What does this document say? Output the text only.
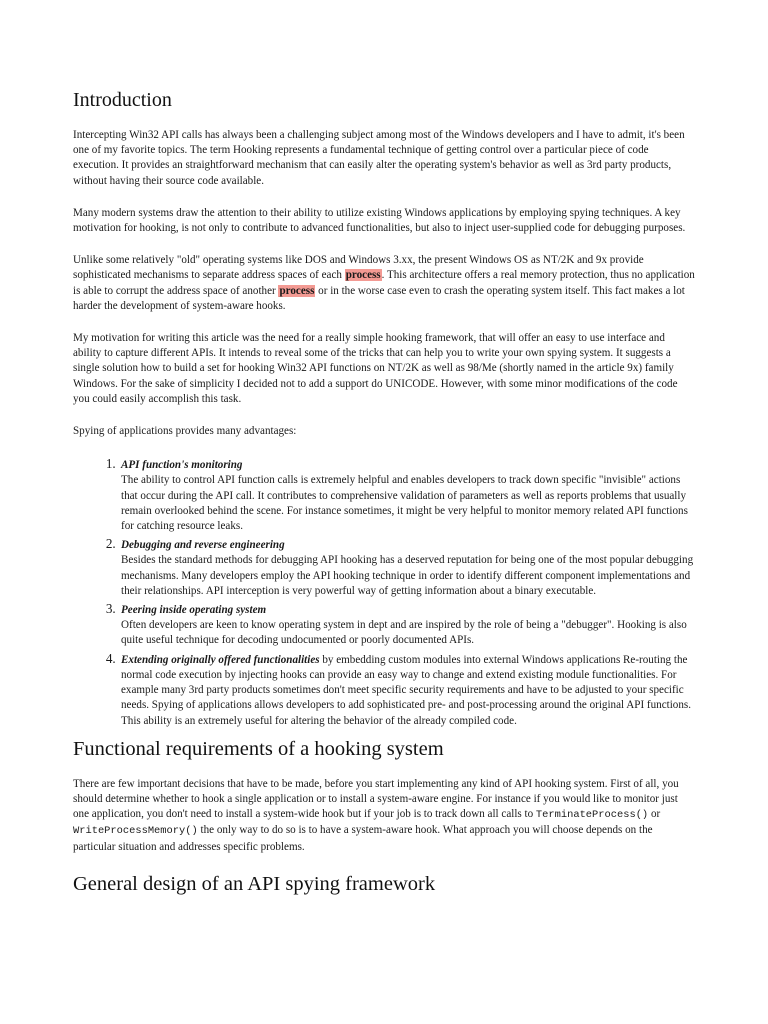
Introduction

Intercepting Win32 API calls has always been a challenging subject among most of the Windows developers and I have to admit, it's been one of my favorite topics. The term Hooking represents a fundamental technique of getting control over a particular piece of code execution. It provides an straightforward mechanism that can easily alter the operating system's behavior as well as 3rd party products, without having their source code available.

Many modern systems draw the attention to their ability to utilize existing Windows applications by employing spying techniques. A key motivation for hooking, is not only to contribute to advanced functionalities, but also to inject user-supplied code for debugging purposes.

Unlike some relatively "old" operating systems like DOS and Windows 3.xx, the present Windows OS as NT/2K and 9x provide sophisticated mechanisms to separate address spaces of each process. This architecture offers a real memory protection, thus no application is able to corrupt the address space of another process or in the worse case even to crash the operating system itself. This fact makes a lot harder the development of system-aware hooks.

My motivation for writing this article was the need for a really simple hooking framework, that will offer an easy to use interface and ability to capture different APIs. It intends to reveal some of the tricks that can help you to write your own spying system. It suggests a single solution how to build a set for hooking Win32 API functions on NT/2K as well as 98/Me (shortly named in the article 9x) family Windows. For the sake of simplicity I decided not to add a support do UNICODE. However, with some minor modifications of the code you could easily accomplish this task.

Spying of applications provides many advantages:

1. API function's monitoring
The ability to control API function calls is extremely helpful and enables developers to track down specific "invisible" actions that occur during the API call. It contributes to comprehensive validation of parameters as well as reports problems that usually remain overlooked behind the scene. For instance sometimes, it might be very helpful to monitor memory related API functions for catching resource leaks.
2. Debugging and reverse engineering
Besides the standard methods for debugging API hooking has a deserved reputation for being one of the most popular debugging mechanisms. Many developers employ the API hooking technique in order to identify different component implementations and their relationships. API interception is very powerful way of getting information about a binary executable.
3. Peering inside operating system
Often developers are keen to know operating system in dept and are inspired by the role of being a "debugger". Hooking is also quite useful technique for decoding undocumented or poorly documented APIs.
4. Extending originally offered functionalities by embedding custom modules into external Windows applications Re-routing the normal code execution by injecting hooks can provide an easy way to change and extend existing module functionalities. For example many 3rd party products sometimes don't meet specific security requirements and have to be adjusted to your specific needs. Spying of applications allows developers to add sophisticated pre- and post-processing around the original API functions. This ability is an extremely useful for altering the behavior of the already compiled code.
Functional requirements of a hooking system

There are few important decisions that have to be made, before you start implementing any kind of API hooking system. First of all, you should determine whether to hook a single application or to install a system-aware engine. For instance if you would like to monitor just one application, you don't need to install a system-wide hook but if your job is to track down all calls to TerminateProcess() or WriteProcessMemory() the only way to do so is to have a system-aware hook. What approach you will choose depends on the particular situation and addresses specific problems.

General design of an API spying framework
